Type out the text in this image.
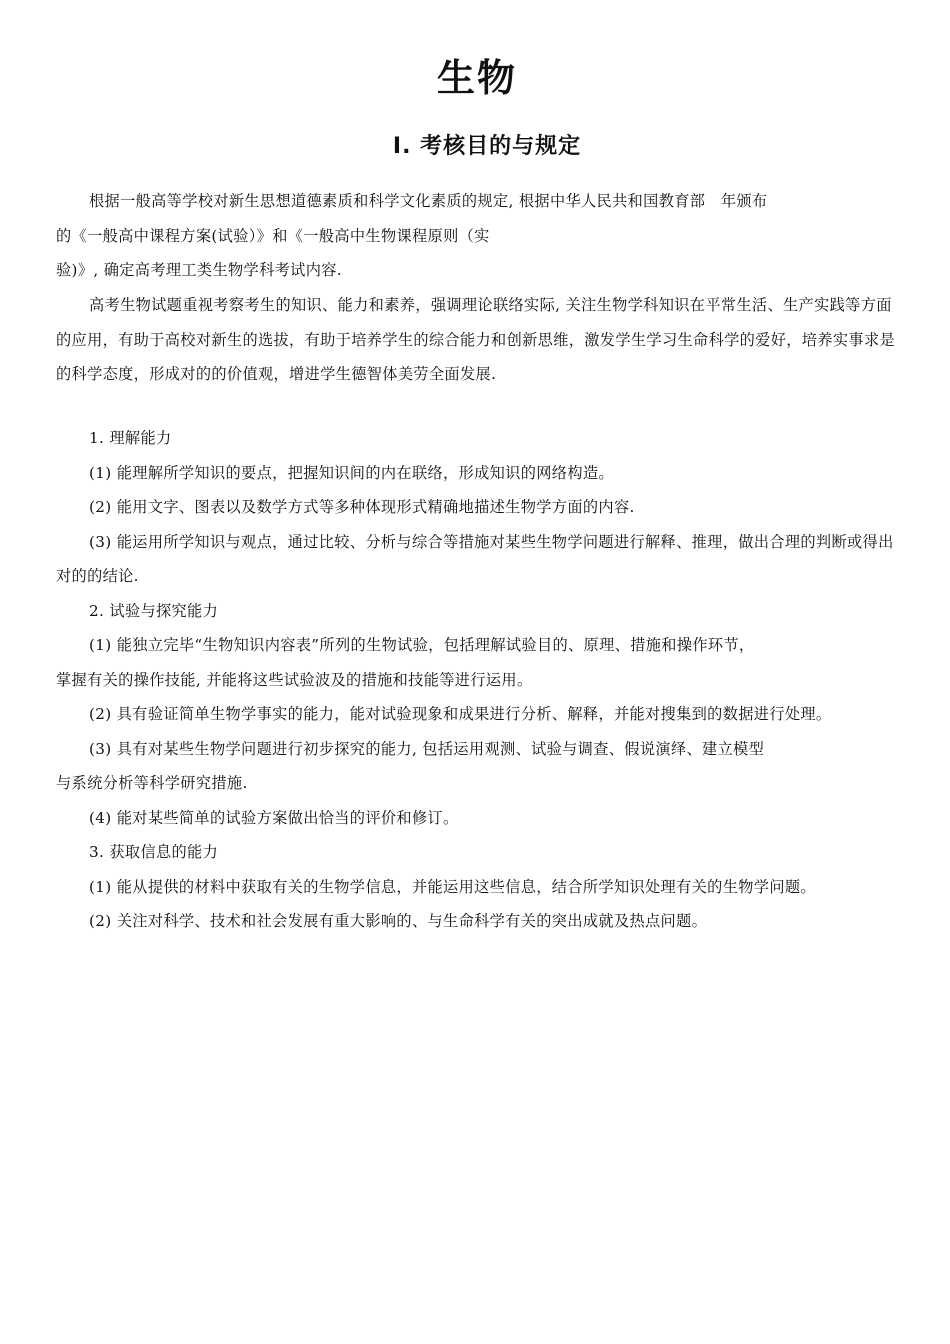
生物
Ⅰ. 考核目的与规定

根据一般高等学校对新生思想道德素质和科学文化素质的规定, 根据中华人民共和国教育部　年颁布

的《一般高中课程方案(试验）》和《一般高中生物课程原则（实

验)》, 确定高考理工类生物学科考试内容.

高考生物试题重视考察考生的知识、能力和素养，强调理论联络实际, 关注生物学科知识在平常生活、生产实践等方面的应用，有助于高校对新生的选拔，有助于培养学生的综合能力和创新思维，激发学生学习生命科学的爱好，培养实事求是的科学态度，形成对的的价值观，增进学生德智体美劳全面发展.

1. 理解能力

(1) 能理解所学知识的要点，把握知识间的内在联络，形成知识的网络构造。

(2) 能用文字、图表以及数学方式等多种体现形式精确地描述生物学方面的内容.

(3) 能运用所学知识与观点，通过比较、分析与综合等措施对某些生物学问题进行解释、推理，做出合理的判断或得出对的的结论.

2. 试验与探究能力

(1) 能独立完毕“生物知识内容表”所列的生物试验，包括理解试验目的、原理、措施和操作环节，

掌握有关的操作技能, 并能将这些试验波及的措施和技能等进行运用。

(2) 具有验证简单生物学事实的能力，能对试验现象和成果进行分析、解释，并能对搜集到的数据进行处理。

(3) 具有对某些生物学问题进行初步探究的能力, 包括运用观测、试验与调查、假说演绎、建立模型

与系统分析等科学研究措施.

(4) 能对某些简单的试验方案做出恰当的评价和修订。

3. 获取信息的能力

(1) 能从提供的材料中获取有关的生物学信息，并能运用这些信息，结合所学知识处理有关的生物学问题。

(2) 关注对科学、技术和社会发展有重大影响的、与生命科学有关的突出成就及热点问题。
